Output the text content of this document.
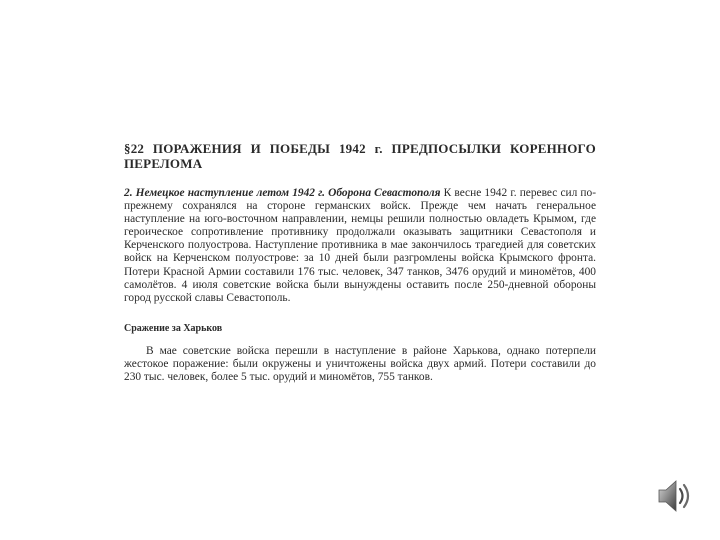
§22 ПОРАЖЕНИЯ И ПОБЕДЫ 1942 г. ПРЕДПОСЫЛКИ КОРЕННОГО ПЕРЕЛОМА

2. Немецкое наступление летом 1942 г. Оборона Севастополя К весне 1942 г. перевес сил по-прежнему сохранялся на стороне германских войск. Прежде чем начать генеральное наступление на юго-восточном направлении, немцы решили полностью овладеть Крымом, где героическое сопротивление противнику продолжали оказывать защитники Севастополя и Керченского полуострова. Наступление противника в мае закончилось трагедией для советских войск на Керченском полуострове: за 10 дней были разгромлены войска Крымского фронта. Потери Красной Армии составили 176 тыс. человек, 347 танков, 3476 орудий и миномётов, 400 самолётов. 4 июля советские войска были вынуждены оставить после 250-дневной обороны город русской славы Севастополь.

Сражение за Харьков

В мае советские войска перешли в наступление в районе Харькова, однако потерпели жестокое поражение: были окружены и уничтожены войска двух армий. Потери составили до 230 тыс. человек, более 5 тыс. орудий и миномётов, 755 танков.
